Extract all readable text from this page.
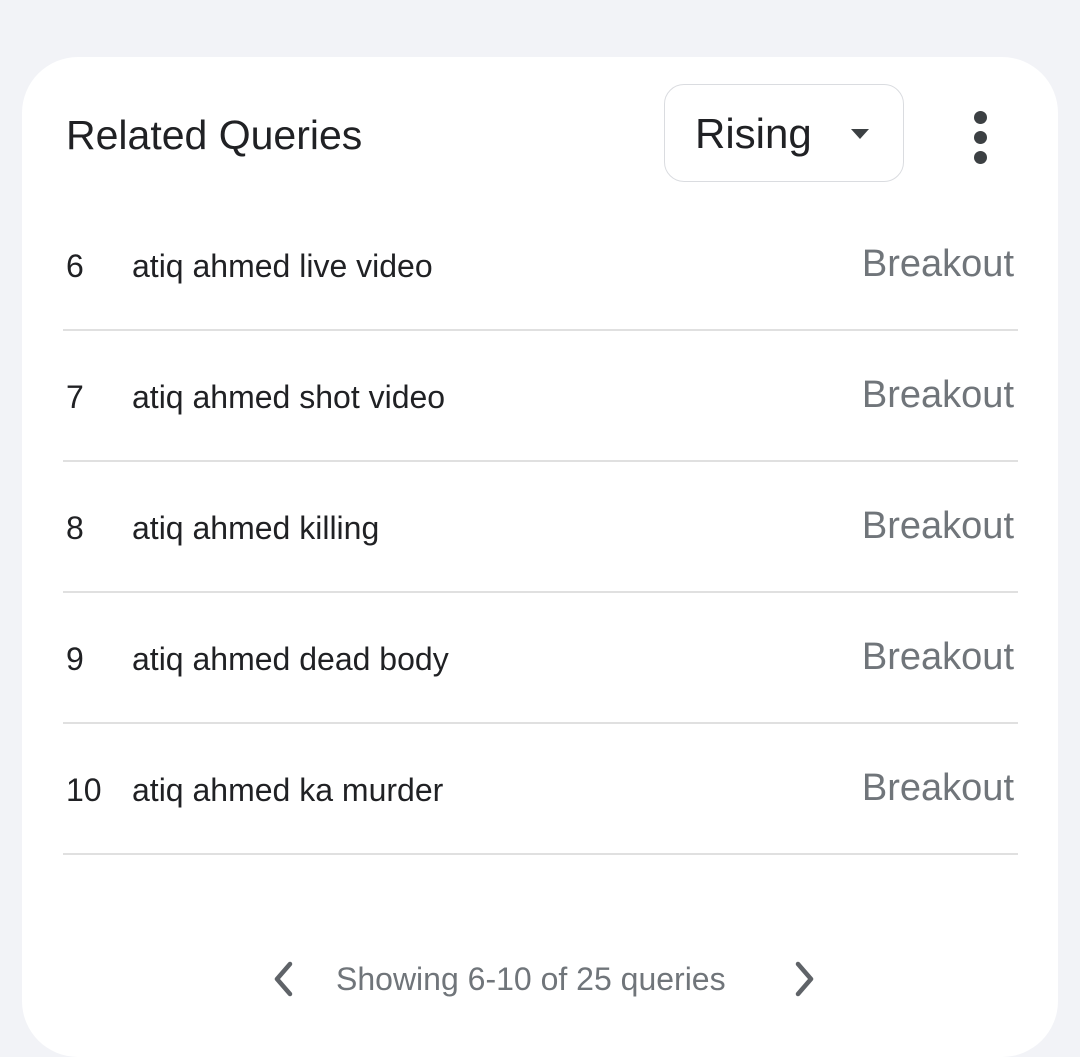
Related Queries	Rising
6 atiq ahmed live video	Breakout
7 atiq ahmed shot video	Breakout
8 atiq ahmed killing	Breakout
9 atiq ahmed dead body	Breakout
10 atiq ahmed ka murder	Breakout
Showing 6-10 of 25 queries
